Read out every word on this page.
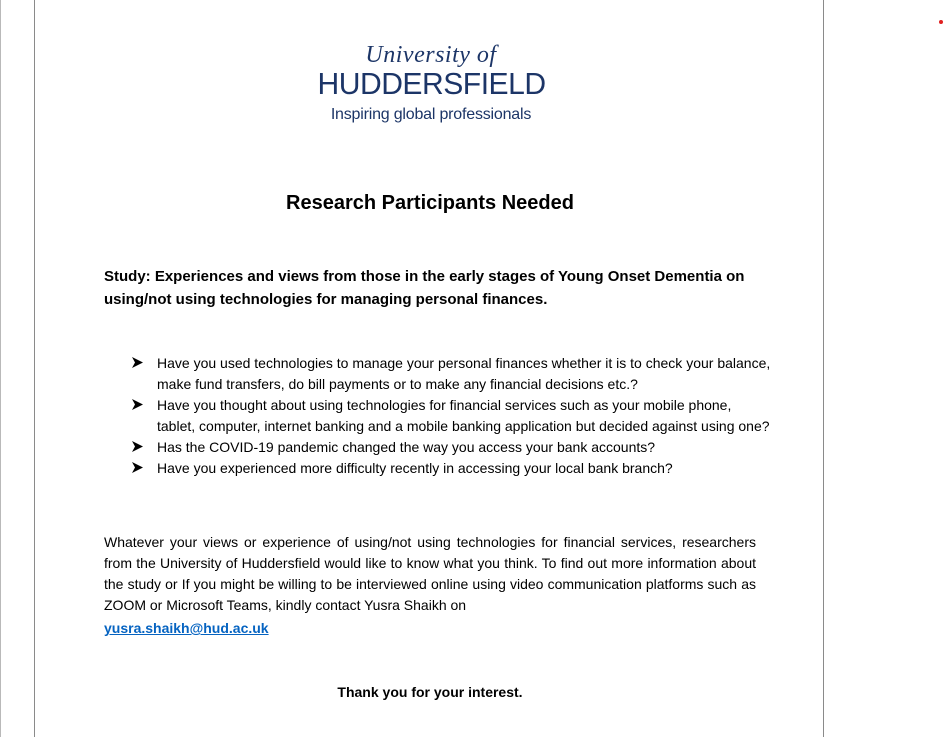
University of
HUDDERSFIELD
Inspiring global professionals
Research Participants Needed
Study: Experiences and views from those in the early stages of Young Onset Dementia on using/not using technologies for managing personal finances.
Have you used technologies to manage your personal finances whether it is to check your balance, make fund transfers, do bill payments or to make any financial decisions etc.?
Have you thought about using technologies for financial services such as your mobile phone, tablet, computer, internet banking and a mobile banking application but decided against using one?
Has the COVID-19 pandemic changed the way you access your bank accounts?
Have you experienced more difficulty recently in accessing your local bank branch?
Whatever your views or experience of using/not using technologies for financial services, researchers from the University of Huddersfield would like to know what you think. To find out more information about the study or If you might be willing to be interviewed online using video communication platforms such as ZOOM or Microsoft Teams, kindly contact Yusra Shaikh on
yusra.shaikh@hud.ac.uk
Thank you for your interest.
